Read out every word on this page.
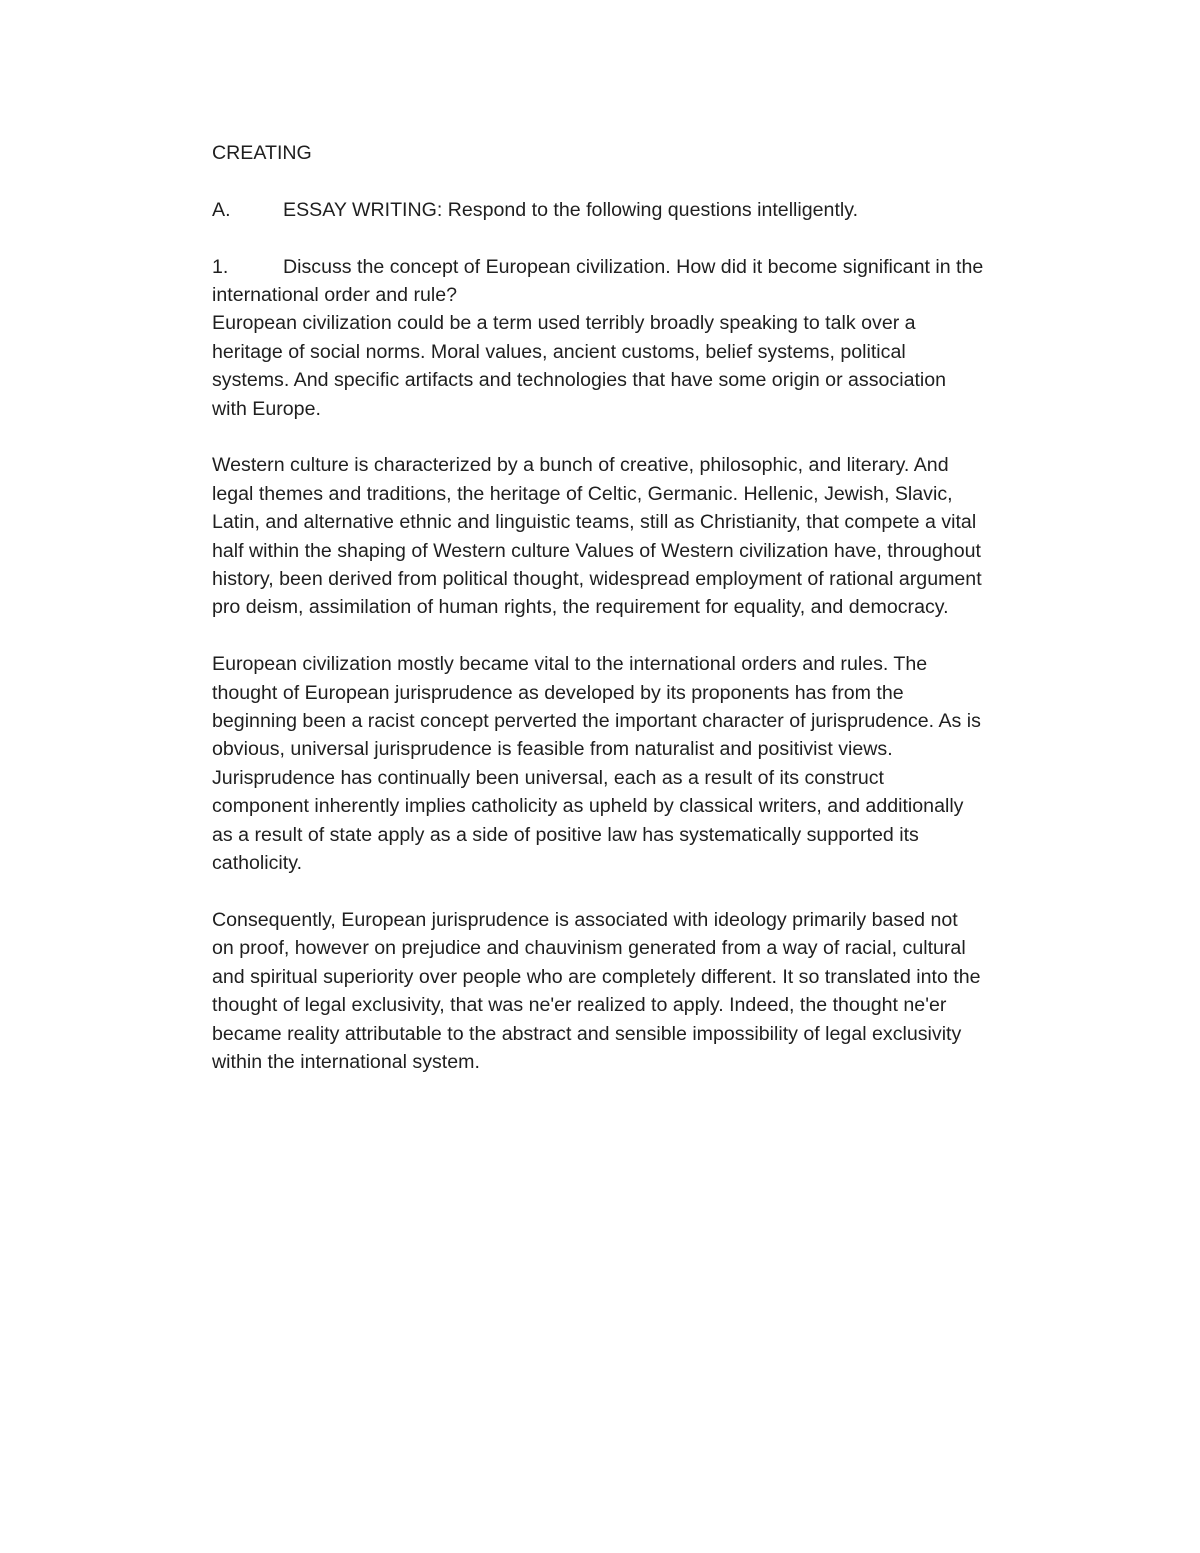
CREATING

A.	ESSAY WRITING: Respond to the following questions intelligently.
1.	Discuss the concept of European civilization. How did it become significant in the

international order and rule?

European civilization could be a term used terribly broadly speaking to talk over a

heritage of social norms. Moral values, ancient customs, belief systems, political

systems. And specific artifacts and technologies that have some origin or association

with Europe.

Western culture is characterized by a bunch of creative, philosophic, and literary. And

legal themes and traditions, the heritage of Celtic, Germanic. Hellenic, Jewish, Slavic,

Latin, and alternative ethnic and linguistic teams, still as Christianity, that compete a vital

half within the shaping of Western culture Values of Western civilization have, throughout

history, been derived from political thought, widespread employment of rational argument

pro deism, assimilation of human rights, the requirement for equality, and democracy.

European civilization mostly became vital to the international orders and rules. The

thought of European jurisprudence as developed by its proponents has from the

beginning been a racist concept perverted the important character of jurisprudence. As is

obvious, universal jurisprudence is feasible from naturalist and positivist views.

Jurisprudence has continually been universal, each as a result of its construct

component inherently implies catholicity as upheld by classical writers, and additionally

as a result of state apply as a side of positive law has systematically supported its

catholicity.

Consequently, European jurisprudence is associated with ideology primarily based not

on proof, however on prejudice and chauvinism generated from a way of racial, cultural

and spiritual superiority over people who are completely different. It so translated into the

thought of legal exclusivity, that was ne'er realized to apply. Indeed, the thought ne'er

became reality attributable to the abstract and sensible impossibility of legal exclusivity

within the international system.
